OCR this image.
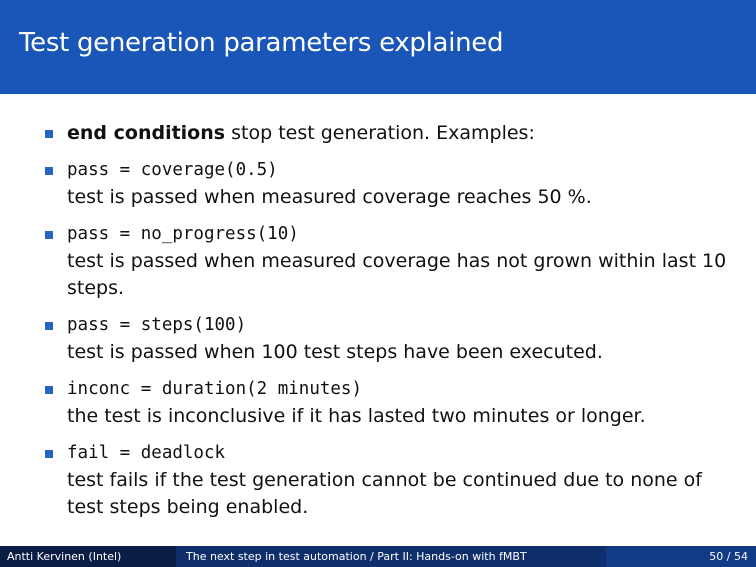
Test generation parameters explained
end conditions stop test generation. Examples:
pass = coverage(0.5)
test is passed when measured coverage reaches 50 %.
pass = no_progress(10)
test is passed when measured coverage has not grown within last 10
steps.
pass = steps(100)
test is passed when 100 test steps have been executed.
inconc = duration(2 minutes)
the test is inconclusive if it has lasted two minutes or longer.
fail = deadlock
test fails if the test generation cannot be continued due to none of
test steps being enabled.
Antti Kervinen (Intel)	The next step in test automation / Part II: Hands-on with fMBT	50 / 54
